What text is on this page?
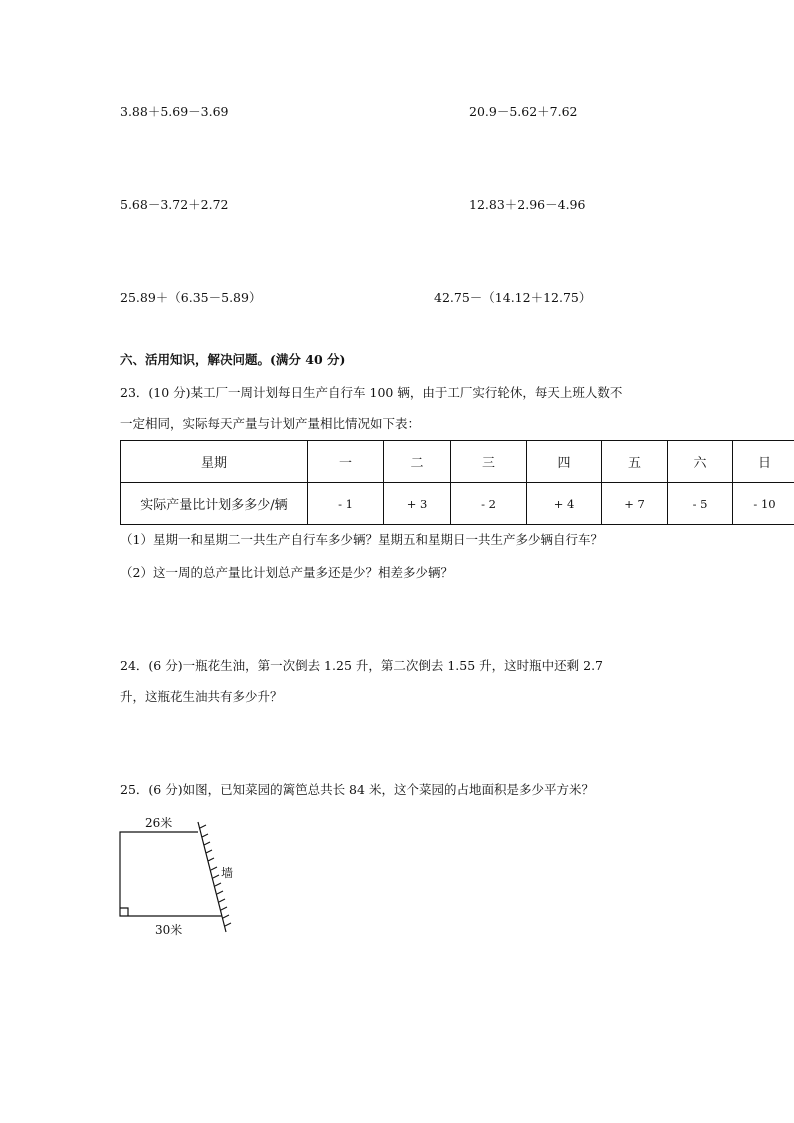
3.88＋5.69－3.69	20.9－5.62＋7.62
5.68－3.72＋2.72	12.83＋2.96－4.96
25.89＋（6.35－5.89）	42.75－（14.12＋12.75）
六、活用知识，解决问题。(满分 40 分)
23．(10 分)某工厂一周计划每日生产自行车 100 辆，由于工厂实行轮休，每天上班人数不
一定相同，实际每天产量与计划产量相比情况如下表：
星期	一	二	三	四	五	六	日
实际产量比计划多多少/辆	- 1	+ 3	- 2	+ 4	+ 7	- 5	- 10
（1）星期一和星期二一共生产自行车多少辆？星期五和星期日一共生产多少辆自行车？
（2）这一周的总产量比计划总产量多还是少？相差多少辆？
24．(6 分)一瓶花生油，第一次倒去 1.25 升，第二次倒去 1.55 升，这时瓶中还剩 2.7
升，这瓶花生油共有多少升？
25．(6 分)如图，已知菜园的篱笆总共长 84 米，这个菜园的占地面积是多少平方米？
26米
墙
30米
